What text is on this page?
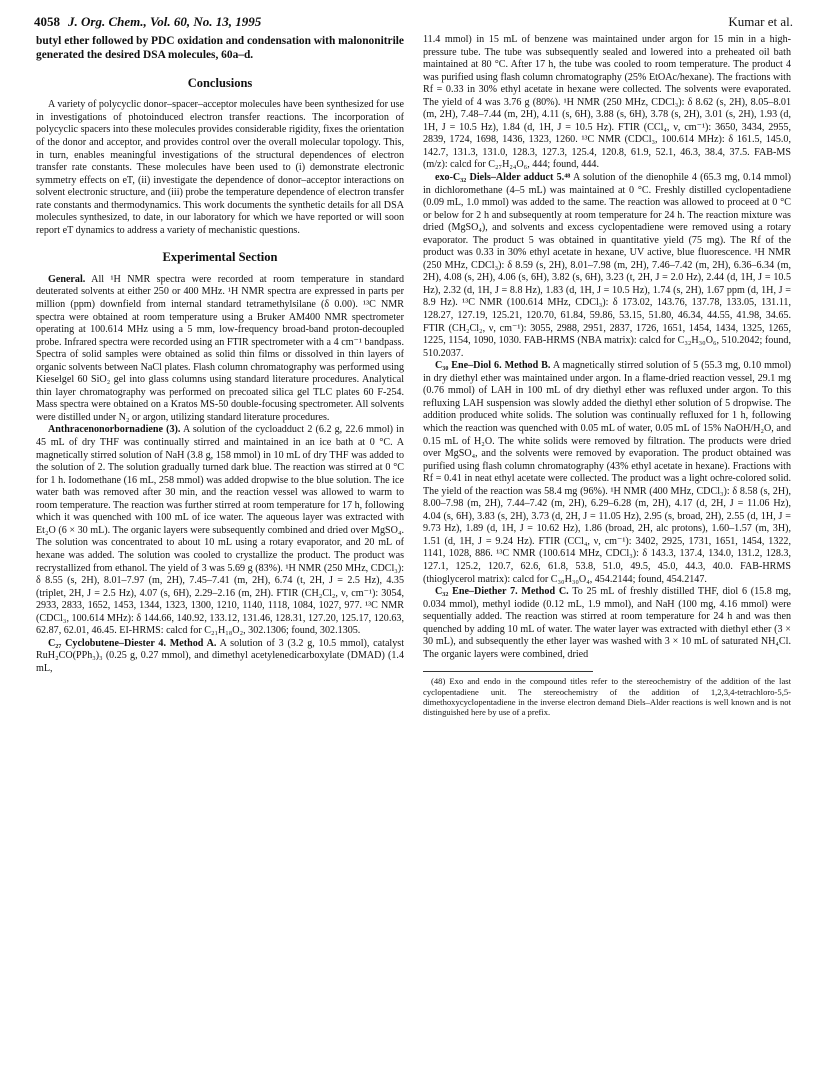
4058 J. Org. Chem., Vol. 60, No. 13, 1995	Kumar et al.

butyl ether followed by PDC oxidation and condensation with malononitrile generated the desired DSA molecules, 60a–d.

Conclusions

A variety of polycyclic donor–spacer–acceptor molecules have been synthesized for use in investigations of photoinduced electron transfer reactions. The incorporation of polycyclic spacers into these molecules provides considerable rigidity, fixes the orientation of the donor and acceptor, and provides control over the overall molecular topology. This, in turn, enables meaningful investigations of the structural dependences of electron transfer rate constants. These molecules have been used to (i) demonstrate electronic symmetry effects on eT, (ii) investigate the dependence of donor–acceptor interactions on solvent electronic structure, and (iii) probe the temperature dependence of electron transfer rate constants and thermodynamics. This work documents the synthetic details for all DSA molecules synthesized, to date, in our laboratory for which we have reported or will soon report eT dynamics to address a variety of mechanistic questions.

Experimental Section

General. All ¹H NMR spectra were recorded at room temperature in standard deuterated solvents at either 250 or 400 MHz. ¹H NMR spectra are expressed in parts per million (ppm) downfield from internal standard tetramethylsilane (δ 0.00). ¹³C NMR spectra were obtained at room temperature using a Bruker AM400 NMR spectrometer operating at 100.614 MHz using a 5 mm, low-frequency broad-band proton-decoupled probe. Infrared spectra were recorded using an FTIR spectrometer with a 4 cm⁻¹ bandpass. Spectra of solid samples were obtained as solid thin films or dissolved in thin layers of organic solvents between NaCl plates. Flash column chromatography was performed using Kieselgel 60 SiO₂ gel into glass columns using standard literature procedures. Analytical thin layer chromatography was performed on precoated silica gel TLC plates 60 F-254. Mass spectra were obtained on a Kratos MS-50 double-focusing spectrometer. All solvents were distilled under N₂ or argon, utilizing standard literature procedures.

Anthracenonorbornadiene (3). A solution of the cycloadduct 2 (6.2 g, 22.6 mmol) in 45 mL of dry THF was continually stirred and maintained in an ice bath at 0 °C. A magnetically stirred solution of NaH (3.8 g, 158 mmol) in 10 mL of dry THF was added to the solution of 2. The solution gradually turned dark blue. The reaction was stirred at 0 °C for 1 h. Iodomethane (16 mL, 258 mmol) was added dropwise to the blue solution. The ice water bath was removed after 30 min, and the reaction vessel was allowed to warm to room temperature. The reaction was further stirred at room temperature for 17 h, following which it was quenched with 100 mL of ice water. The aqueous layer was extracted with Et₂O (6 × 30 mL). The organic layers were subsequently combined and dried over MgSO₄. The solution was concentrated to about 10 mL using a rotary evaporator, and 20 mL of hexane was added. The solution was cooled to crystallize the product. The product was recrystallized from ethanol. The yield of 3 was 5.69 g (83%). ¹H NMR (250 MHz, CDCl₃): δ 8.55 (s, 2H), 8.01–7.97 (m, 2H), 7.45–7.41 (m, 2H), 6.74 (t, 2H, J = 2.5 Hz), 4.35 (triplet, 2H, J = 2.5 Hz), 4.07 (s, 6H), 2.29–2.16 (m, 2H). FTIR (CH₂Cl₂, ν, cm⁻¹): 3054, 2933, 2833, 1652, 1453, 1344, 1323, 1300, 1210, 1140, 1118, 1084, 1027, 977. ¹³C NMR (CDCl₃, 100.614 MHz): δ 144.66, 140.92, 133.12, 131.46, 128.31, 127.20, 125.17, 120.63, 62.87, 62.01, 46.45. EI-HRMS: calcd for C₂₁H₁₈O₂, 302.1306; found, 302.1305.

C₂₇ Cyclobutene–Diester 4. Method A. A solution of 3 (3.2 g, 10.5 mmol), catalyst RuH₂CO(PPh₃)₃ (0.25 g, 0.27 mmol), and dimethyl acetylenedicarboxylate (DMAD) (1.4 mL,

11.4 mmol) in 15 mL of benzene was maintained under argon for 15 min in a high-pressure tube. The tube was subsequently sealed and lowered into a preheated oil bath maintained at 80 °C. After 17 h, the tube was cooled to room temperature. The product 4 was purified using flash column chromatography (25% EtOAc/hexane). The fractions with Rf = 0.33 in 30% ethyl acetate in hexane were collected. The solvents were evaporated. The yield of 4 was 3.76 g (80%). ¹H NMR (250 MHz, CDCl₃): δ 8.62 (s, 2H), 8.05–8.01 (m, 2H), 7.48–7.44 (m, 2H), 4.11 (s, 6H), 3.88 (s, 6H), 3.78 (s, 2H), 3.01 (s, 2H), 1.93 (d, 1H, J = 10.5 Hz), 1.84 (d, 1H, J = 10.5 Hz). FTIR (CCl₄, ν, cm⁻¹): 3650, 3434, 2955, 2839, 1724, 1698, 1436, 1323, 1260. ¹³C NMR (CDCl₃, 100.614 MHz): δ 161.5, 145.0, 142.7, 131.3, 131.0, 128.3, 127.3, 125.4, 120.8, 61.9, 52.1, 46.3, 38.4, 37.5. FAB-MS (m/z): calcd for C₂₇H₂₄O₆, 444; found, 444.

exo-C₃₂ Diels–Alder adduct 5.⁴⁸ A solution of the dienophile 4 (65.3 mg, 0.14 mmol) in dichloromethane (4–5 mL) was maintained at 0 °C. Freshly distilled cyclopentadiene (0.09 mL, 1.0 mmol) was added to the same. The reaction was allowed to proceed at 0 °C or below for 2 h and subsequently at room temperature for 24 h. The reaction mixture was dried (MgSO₄), and solvents and excess cyclopentadiene were removed using a rotary evaporator. The product 5 was obtained in quantitative yield (75 mg). The Rf of the product was 0.33 in 30% ethyl acetate in hexane, UV active, blue fluorescence. ¹H NMR (250 MHz, CDCl₃): δ 8.59 (s, 2H), 8.01–7.98 (m, 2H), 7.46–7.42 (m, 2H), 6.36–6.34 (m, 2H), 4.08 (s, 2H), 4.06 (s, 6H), 3.82 (s, 6H), 3.23 (t, 2H, J = 2.0 Hz), 2.44 (d, 1H, J = 10.5 Hz), 2.32 (d, 1H, J = 8.8 Hz), 1.83 (d, 1H, J = 10.5 Hz), 1.74 (s, 2H), 1.67 ppm (d, 1H, J = 8.9 Hz). ¹³C NMR (100.614 MHz, CDCl₃): δ 173.02, 143.76, 137.78, 133.05, 131.11, 128.27, 127.19, 125.21, 120.70, 61.84, 59.86, 53.15, 51.80, 46.34, 44.55, 41.98, 34.65. FTIR (CH₂Cl₂, ν, cm⁻¹): 3055, 2988, 2951, 2837, 1726, 1651, 1454, 1434, 1325, 1265, 1225, 1154, 1090, 1030. FAB-HRMS (NBA matrix): calcd for C₃₂H₃₀O₆, 510.2042; found, 510.2037.

C₃₀ Ene–Diol 6. Method B. A magnetically stirred solution of 5 (55.3 mg, 0.10 mmol) in dry diethyl ether was maintained under argon. In a flame-dried reaction vessel, 29.1 mg (0.76 mmol) of LAH in 100 mL of dry diethyl ether was refluxed under argon. To this refluxing LAH suspension was slowly added the diethyl ether solution of 5 dropwise. The addition produced white solids. The solution was continually refluxed for 1 h, following which the reaction was quenched with 0.05 mL of water, 0.05 mL of 15% NaOH/H₂O, and 0.15 mL of H₂O. The white solids were removed by filtration. The products were dried over MgSO₄, and the solvents were removed by evaporation. The product obtained was purified using flash column chromatography (43% ethyl acetate in hexane). Fractions with Rf = 0.41 in neat ethyl acetate were collected. The product was a light ochre-colored solid. The yield of the reaction was 58.4 mg (96%). ¹H NMR (400 MHz, CDCl₃): δ 8.58 (s, 2H), 8.00–7.98 (m, 2H), 7.44–7.42 (m, 2H), 6.29–6.28 (m, 2H), 4.17 (d, 2H, J = 11.06 Hz), 4.04 (s, 6H), 3.83 (s, 2H), 3.73 (d, 2H, J = 11.05 Hz), 2.95 (s, broad, 2H), 2.55 (d, 1H, J = 9.73 Hz), 1.89 (d, 1H, J = 10.62 Hz), 1.86 (broad, 2H, alc protons), 1.60–1.57 (m, 3H), 1.51 (d, 1H, J = 9.24 Hz). FTIR (CCl₄, ν, cm⁻¹): 3402, 2925, 1731, 1651, 1454, 1322, 1141, 1028, 886. ¹³C NMR (100.614 MHz, CDCl₃): δ 143.3, 137.4, 134.0, 131.2, 128.3, 127.1, 125.2, 120.7, 62.6, 61.8, 53.8, 51.0, 49.5, 45.0, 44.3, 40.0. FAB-HRMS (thioglycerol matrix): calcd for C₃₀H₃₀O₄, 454.2144; found, 454.2147.

C₃₂ Ene–Diether 7. Method C. To 25 mL of freshly distilled THF, diol 6 (15.8 mg, 0.034 mmol), methyl iodide (0.12 mL, 1.9 mmol), and NaH (100 mg, 4.16 mmol) were sequentially added. The reaction was stirred at room temperature for 24 h and was then quenched by adding 10 mL of water. The water layer was extracted with diethyl ether (3 × 30 mL), and subsequently the ether layer was washed with 3 × 10 mL of saturated NH₄Cl. The organic layers were combined, dried

(48) Exo and endo in the compound titles refer to the stereochemistry of the addition of the last cyclopentadiene unit. The stereochemistry of the addition of 1,2,3,4-tetrachloro-5,5-dimethoxycyclopentadiene in the inverse electron demand Diels–Alder reactions is well known and is not distinguished here by use of a prefix.
